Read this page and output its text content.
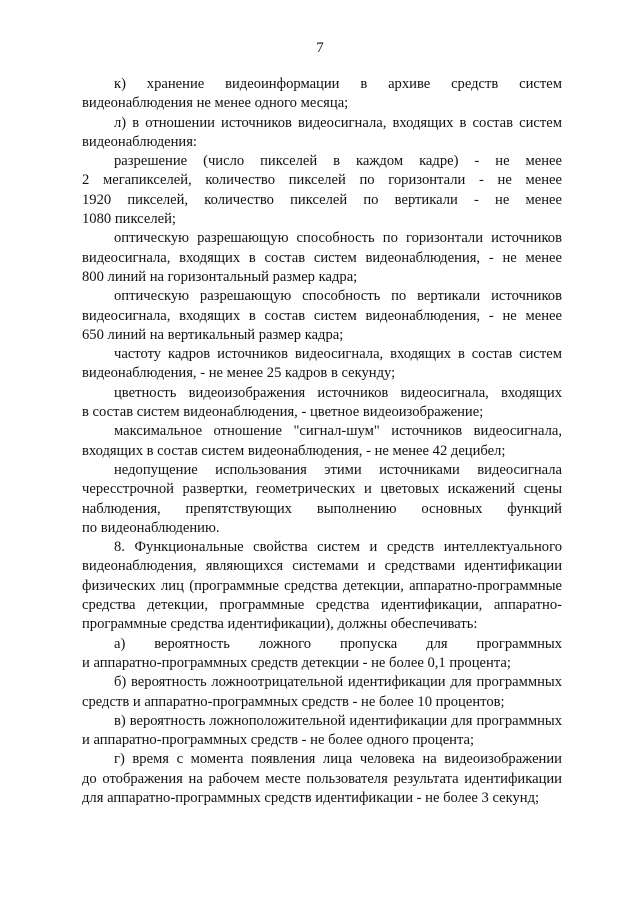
7
к) хранение видеоинформации в архиве средств систем
видеонаблюдения не менее одного месяца;
л) в отношении источников видеосигнала, входящих в состав систем
видеонаблюдения:
разрешение (число пикселей в каждом кадре) - не менее
2 мегапикселей, количество пикселей по горизонтали - не менее
1920 пикселей, количество пикселей по вертикали - не менее
1080 пикселей;
оптическую разрешающую способность по горизонтали источников
видеосигнала, входящих в состав систем видеонаблюдения, - не менее
800 линий на горизонтальный размер кадра;
оптическую разрешающую способность по вертикали источников
видеосигнала, входящих в состав систем видеонаблюдения, - не менее
650 линий на вертикальный размер кадра;
частоту кадров источников видеосигнала, входящих в состав систем
видеонаблюдения, - не менее 25 кадров в секунду;
цветность видеоизображения источников видеосигнала, входящих
в состав систем видеонаблюдения, - цветное видеоизображение;
максимальное отношение "сигнал-шум" источников видеосигнала,
входящих в состав систем видеонаблюдения, - не менее 42 децибел;
недопущение использования этими источниками видеосигнала
чересстрочной развертки, геометрических и цветовых искажений сцены
наблюдения, препятствующих выполнению основных функций
по видеонаблюдению.
8. Функциональные свойства систем и средств интеллектуального
видеонаблюдения, являющихся системами и средствами идентификации
физических лиц (программные средства детекции, аппаратно-программные
средства детекции, программные средства идентификации, аппаратно-
программные средства идентификации), должны обеспечивать:
а) вероятность ложного пропуска для программных
и аппаратно-программных средств детекции - не более 0,1 процента;
б) вероятность ложноотрицательной идентификации для программных
средств и аппаратно-программных средств - не более 10 процентов;
в) вероятность ложноположительной идентификации для программных
и аппаратно-программных средств - не более одного процента;
г) время с момента появления лица человека на видеоизображении
до отображения на рабочем месте пользователя результата идентификации
для аппаратно-программных средств идентификации - не более 3 секунд;
